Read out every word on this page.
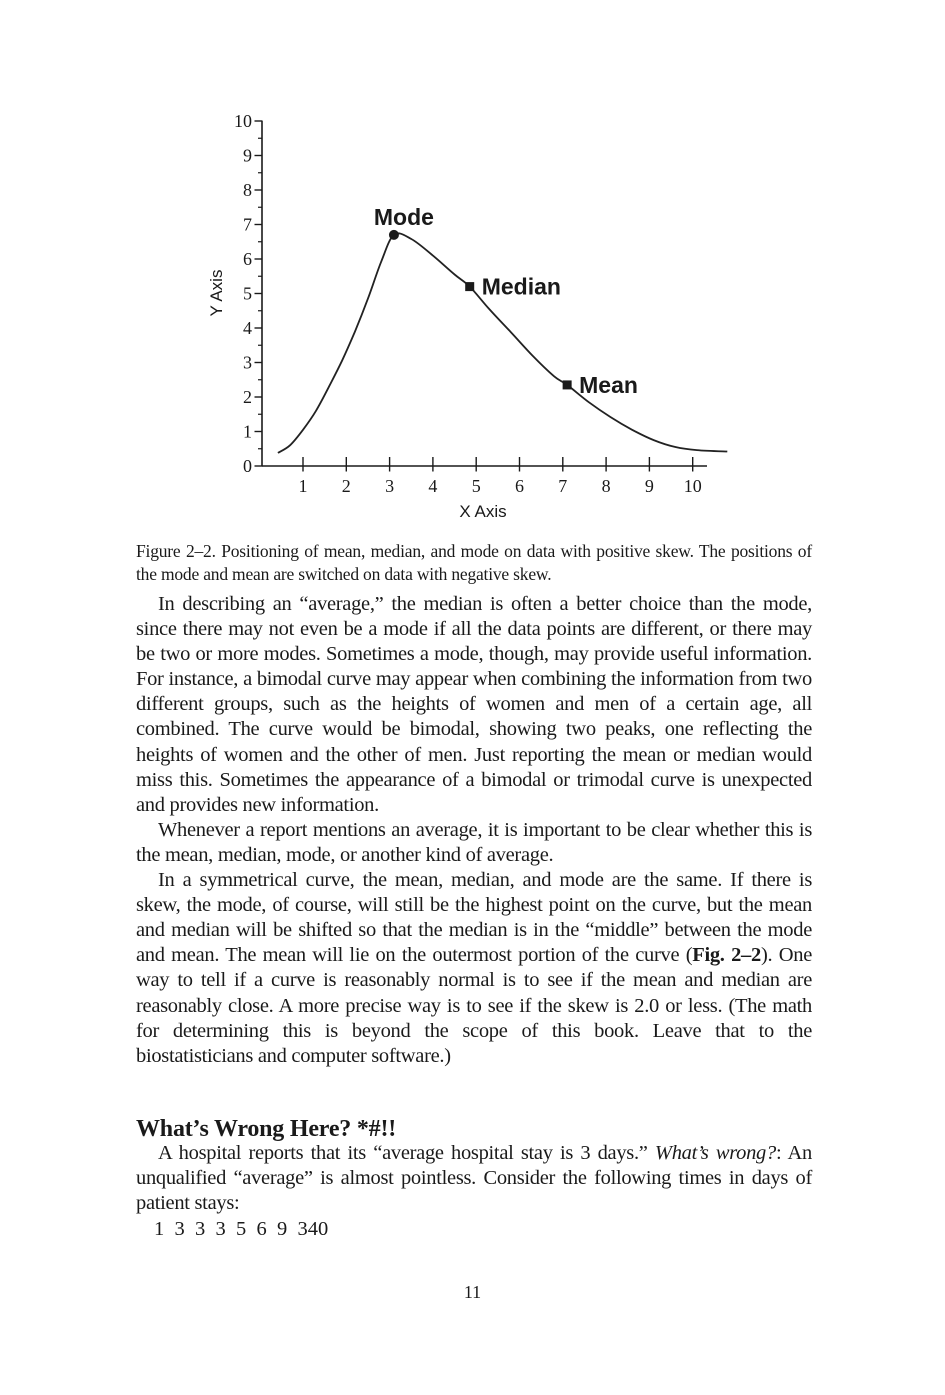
0
1
2
3
4
5
6
7
8
9
10
1 2 3 4 5 6 7 8 9 10
Y Axis
X Axis
Mode
Median
Mean
Figure 2–2. Positioning of mean, median, and mode on data with positive skew. The positions of the mode and mean are switched on data with negative skew.

In describing an “average,” the median is often a better choice than the mode, since there may not even be a mode if all the data points are different, or there may be two or more modes. Sometimes a mode, though, may provide useful information. For instance, a bimodal curve may appear when combining the information from two different groups, such as the heights of women and men of a certain age, all combined. The curve would be bimodal, showing two peaks, one reflecting the heights of women and the other of men. Just reporting the mean or median would miss this. Sometimes the appearance of a bimodal or trimodal curve is unexpected and provides new information.

Whenever a report mentions an average, it is important to be clear whether this is the mean, median, mode, or another kind of average.

In a symmetrical curve, the mean, median, and mode are the same. If there is skew, the mode, of course, will still be the highest point on the curve, but the mean and median will be shifted so that the median is in the “middle” between the mode and mean. The mean will lie on the outermost portion of the curve (Fig. 2–2). One way to tell if a curve is reasonably normal is to see if the mean and median are reasonably close. A more precise way is to see if the skew is 2.0 or less. (The math for determining this is beyond the scope of this book. Leave that to the biostatisticians and computer software.)

What’s Wrong Here? *#!!

A hospital reports that its “average hospital stay is 3 days.” What’s wrong?: An unqualified “average” is almost pointless. Consider the following times in days of patient stays:

1  3  3  3  5  6  9  340
11
